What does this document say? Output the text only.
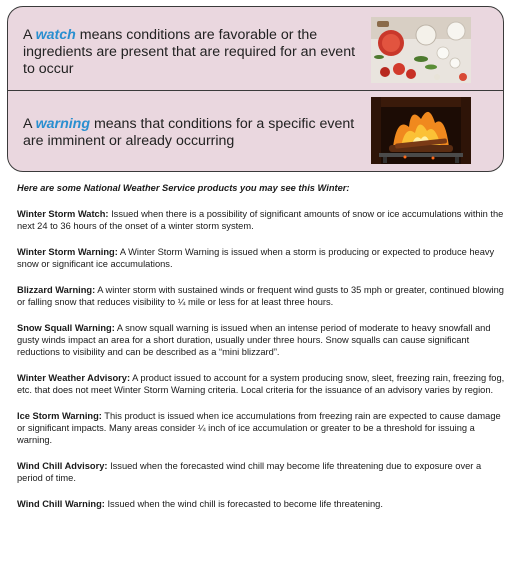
A watch means conditions are favorable or the ingredients are present that are required for an event to occur
A warning means that conditions for a specific event are imminent or already occurring

Here are some National Weather Service products you may see this Winter:

Winter Storm Watch: Issued when there is a possibility of significant amounts of snow or ice accumulations within the next 24 to 36 hours of the onset of a winter storm system.

Winter Storm Warning: A Winter Storm Warning is issued when a storm is producing or expected to produce heavy snow or significant ice accumulations.

Blizzard Warning: A winter storm with sustained winds or frequent wind gusts to 35 mph or greater, continued blowing or falling snow that reduces visibility to ¼ mile or less for at least three hours.

Snow Squall Warning: A snow squall warning is issued when an intense period of moderate to heavy snowfall and gusty winds impact an area for a short duration, usually under three hours. Snow squalls can cause significant reductions to visibility and can be described as a “mini blizzard”.

Winter Weather Advisory: A product issued to account for a system producing snow, sleet, freezing rain, freezing fog, etc. that does not meet Winter Storm Warning criteria. Local criteria for the issuance of an advisory varies by region.

Ice Storm Warning: This product is issued when ice accumulations from freezing rain are expected to cause damage or significant impacts. Many areas consider ¼ inch of ice accumulation or greater to be a threshold for issuing a warning.

Wind Chill Advisory: Issued when the forecasted wind chill may become life threatening due to exposure over a period of time.

Wind Chill Warning: Issued when the wind chill is forecasted to become life threatening.
